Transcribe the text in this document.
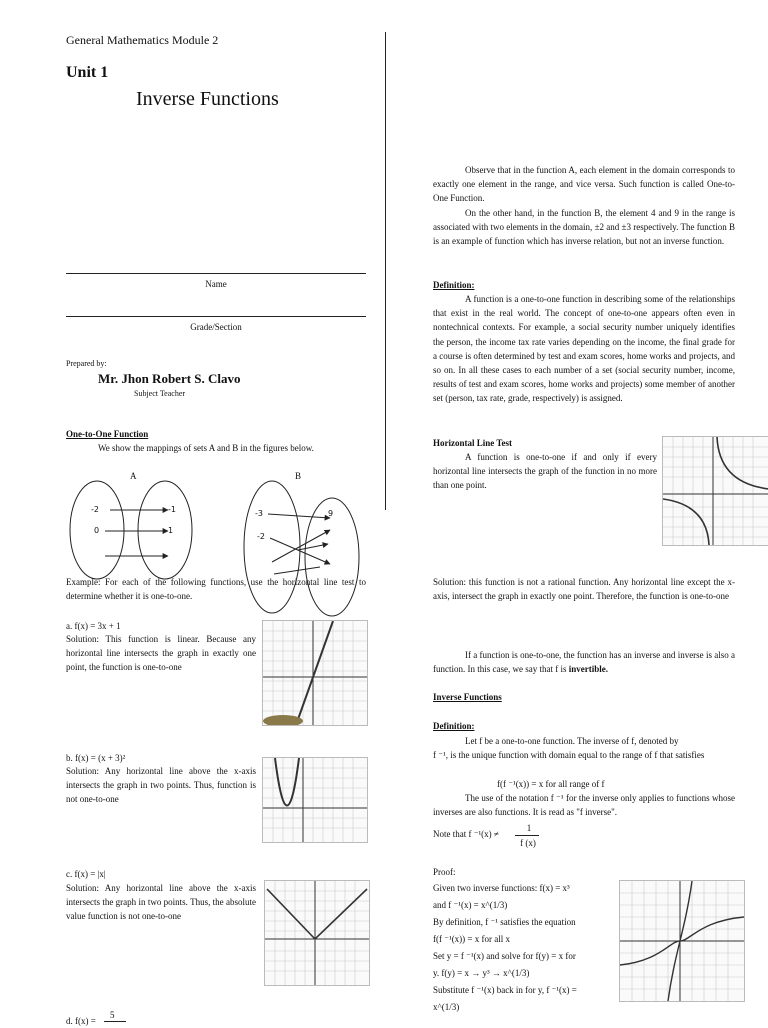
General Mathematics Module 2
Unit 1
Inverse Functions
Name
Grade/Section
Prepared by:
Mr. Jhon Robert S. Clavo
Subject Teacher
One-to-One Function
We show the mappings of sets A and B in the figures below.
A	B
-2
0
-1
1
-3
-2
9
Example: For each of the following functions, use the horizontal line test to determine whether it is one-to-one.
a. f(x) = 3x + 1
Solution: This function is linear. Because any horizontal line intersects the graph in exactly one point, the function is one-to-one
b. f(x) = (x + 3)²
Solution: Any horizontal line above the x-axis intersects the graph in two points. Thus, function is not one-to-one
c. f(x) = |x|
Solution: Any horizontal line above the x-axis intersects the graph in two points. Thus, the absolute value function is not one-to-one
d. f(x) =
5
Observe that in the function A, each element in the domain corresponds to exactly one element in the range, and vice versa. Such function is called One-to-One Function.
On the other hand, in the function B, the element 4 and 9 in the range is associated with two elements in the domain, ±2 and ±3 respectively. The function B is an example of function which has inverse relation, but not an inverse function.
Definition:
A function is a one-to-one function in describing some of the relationships that exist in the real world. The concept of one-to-one appears often even in nontechnical contexts. For example, a social security number uniquely identifies the person, the income tax rate varies depending on the income, the final grade for a course is often determined by test and exam scores, home works and projects, and so on. In all these cases to each number of a set (social security number, income, results of test and exam scores, home works and projects) some member of another set (person, tax rate, grade, respectively) is assigned.
Horizontal Line Test
A function is one-to-one if and only if every horizontal line intersects the graph of the function in no more than one point.
Solution: this function is not a rational function. Any horizontal line except the x-axis, intersect the graph in exactly one point. Therefore, the function is one-to-one
If a function is one-to-one, the function has an inverse and inverse is also a function. In this case, we say that f is invertible.
Inverse Functions
Definition:
Let f be a one-to-one function. The inverse of f, denoted by
f ⁻¹, is the unique function with domain equal to the range of f that satisfies
f(f ⁻¹(x)) = x for all range of f
The use of the notation f ⁻¹ for the inverse only applies to functions whose inverses are also functions. It is read as "f inverse".
Note that f ⁻¹(x) ≠
1
f (x)
Proof:

Given two inverse functions: f(x) = x³

and f ⁻¹(x) = x^(1/3)

By definition, f ⁻¹ satisfies the equation

f(f ⁻¹(x)) = x for all x

Set y = f ⁻¹(x) and solve for f(y) = x for

y. f(y) = x → y³ → x^(1/3)

Substitute f ⁻¹(x) back in for y, f ⁻¹(x) =

x^(1/3)
